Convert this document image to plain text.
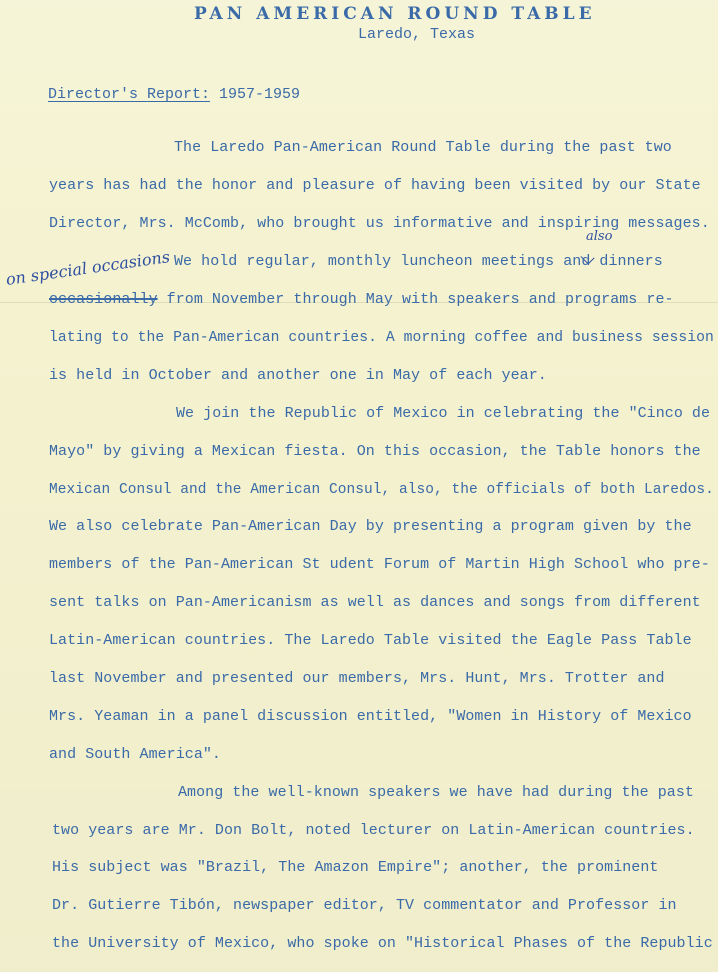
PAN AMERICAN ROUND TABLE
Laredo, Texas
Director's Report: 1957-1959
The Laredo Pan-American Round Table during the past two
years has had the honor and pleasure of having been visited by our State
Director, Mrs. McComb, who brought us informative and inspiring messages.
also
We hold regular, monthly luncheon meetings and dinners
on special occasions
occasionally from November through May with speakers and programs re-
lating to the Pan-American countries. A morning coffee and business session
is held in October and another one in May of each year.
We join the Republic of Mexico in celebrating the "Cinco de
Mayo" by giving a Mexican fiesta. On this occasion, the Table honors the
Mexican Consul and the American Consul, also, the officials of both Laredos.
We also celebrate Pan-American Day by presenting a program given by the
members of the Pan-American St udent Forum of Martin High School who pre-
sent talks on Pan-Americanism as well as dances and songs from different
Latin-American countries. The Laredo Table visited the Eagle Pass Table
last November and presented our members, Mrs. Hunt, Mrs. Trotter and
Mrs. Yeaman in a panel discussion entitled, "Women in History of Mexico
and South America".
Among the well-known speakers we have had during the past
two years are Mr. Don Bolt, noted lecturer on Latin-American countries.
His subject was "Brazil, The Amazon Empire"; another, the prominent
Dr. Gutierre Tibón, newspaper editor, TV commentator and Professor in
the University of Mexico, who spoke on "Historical Phases of the Republic
